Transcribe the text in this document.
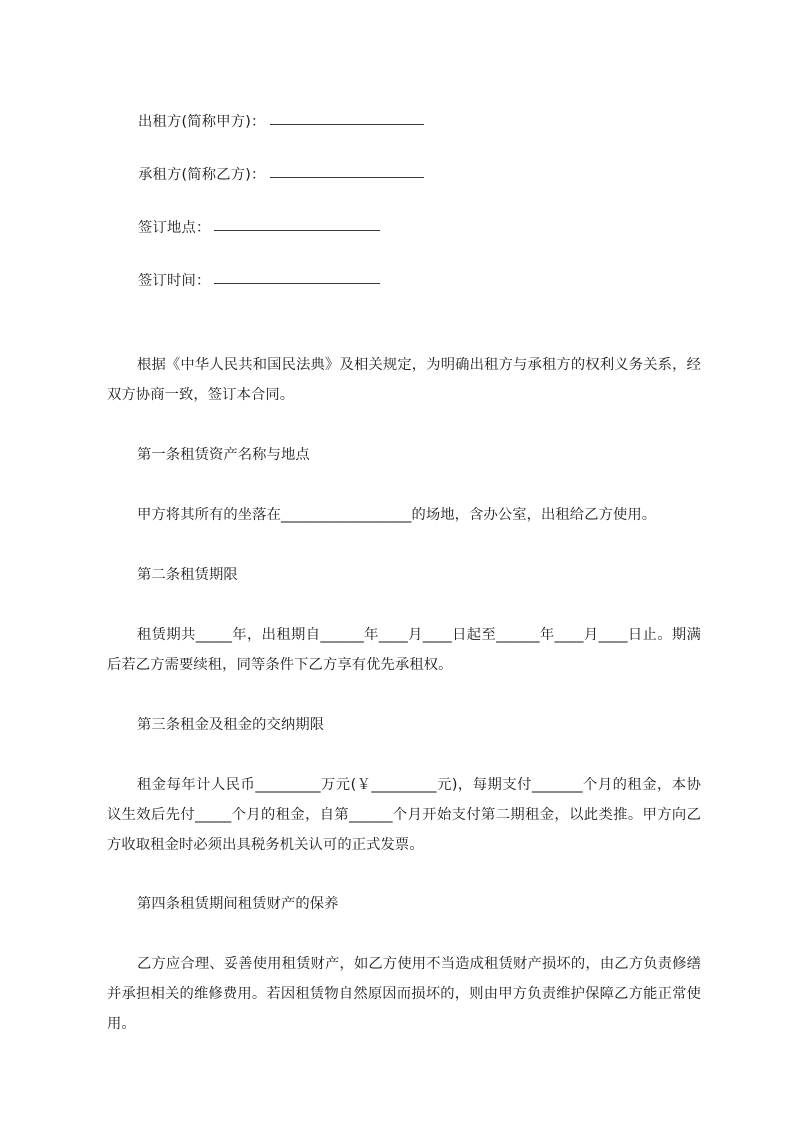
出租方(简称甲方)：
承租方(简称乙方)：
签订地点：
签订时间：

根据《中华人民共和国民法典》及相关规定，为明确出租方与承租方的权利义务关系，经双方协商一致，签订本合同。

第一条租赁资产名称与地点

甲方将其所有的坐落在__________________的场地，含办公室，出租给乙方使用。

第二条租赁期限

租赁期共_____年，出租期自______年____月____日起至______年____月____日止。期满后若乙方需要续租，同等条件下乙方享有优先承租权。

第三条租金及租金的交纳期限

租金每年计人民币_________万元(￥_________元)，每期支付_______个月的租金，本协议生效后先付_____个月的租金，自第______个月开始支付第二期租金，以此类推。甲方向乙方收取租金时必须出具税务机关认可的正式发票。

第四条租赁期间租赁财产的保养

乙方应合理、妥善使用租赁财产，如乙方使用不当造成租赁财产损坏的，由乙方负责修缮并承担相关的维修费用。若因租赁物自然原因而损坏的，则由甲方负责维护保障乙方能正常使用。
